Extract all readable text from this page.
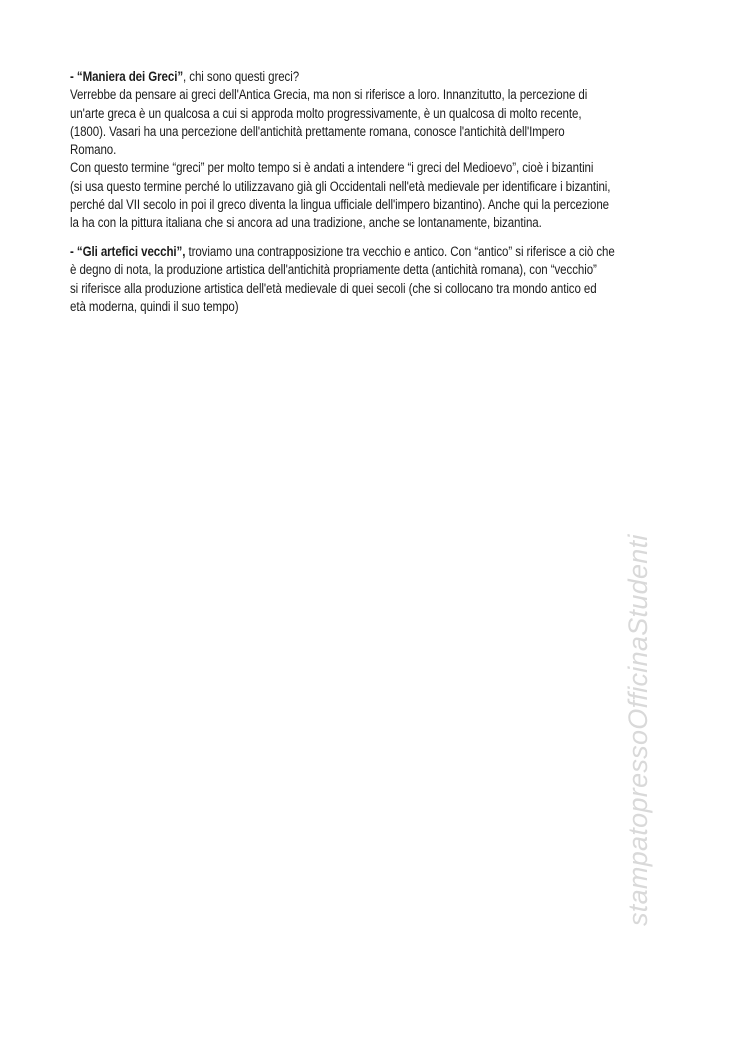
- “Maniera dei Greci”, chi sono questi greci?
Verrebbe da pensare ai greci dell'Antica Grecia, ma non si riferisce a loro. Innanzitutto, la percezione di
un'arte greca è un qualcosa a cui si approda molto progressivamente, è un qualcosa di molto recente,
(1800). Vasari ha una percezione dell'antichità prettamente romana, conosce l'antichità dell'Impero
Romano.
Con questo termine “greci” per molto tempo si è andati a intendere “i greci del Medioevo”, cioè i bizantini
(si usa questo termine perché lo utilizzavano già gli Occidentali nell'età medievale per identificare i bizantini,
perché dal VII secolo in poi il greco diventa la lingua ufficiale dell'impero bizantino). Anche qui la percezione
la ha con la pittura italiana che si ancora ad una tradizione, anche se lontanamente, bizantina.
- “Gli artefici vecchi”, troviamo una contrapposizione tra vecchio e antico. Con “antico” si riferisce a ciò che
è degno di nota, la produzione artistica dell'antichità propriamente detta (antichità romana), con “vecchio”
si riferisce alla produzione artistica dell'età medievale di quei secoli (che si collocano tra mondo antico ed
età moderna, quindi il suo tempo)
stampatopressoOfficinaStudenti
